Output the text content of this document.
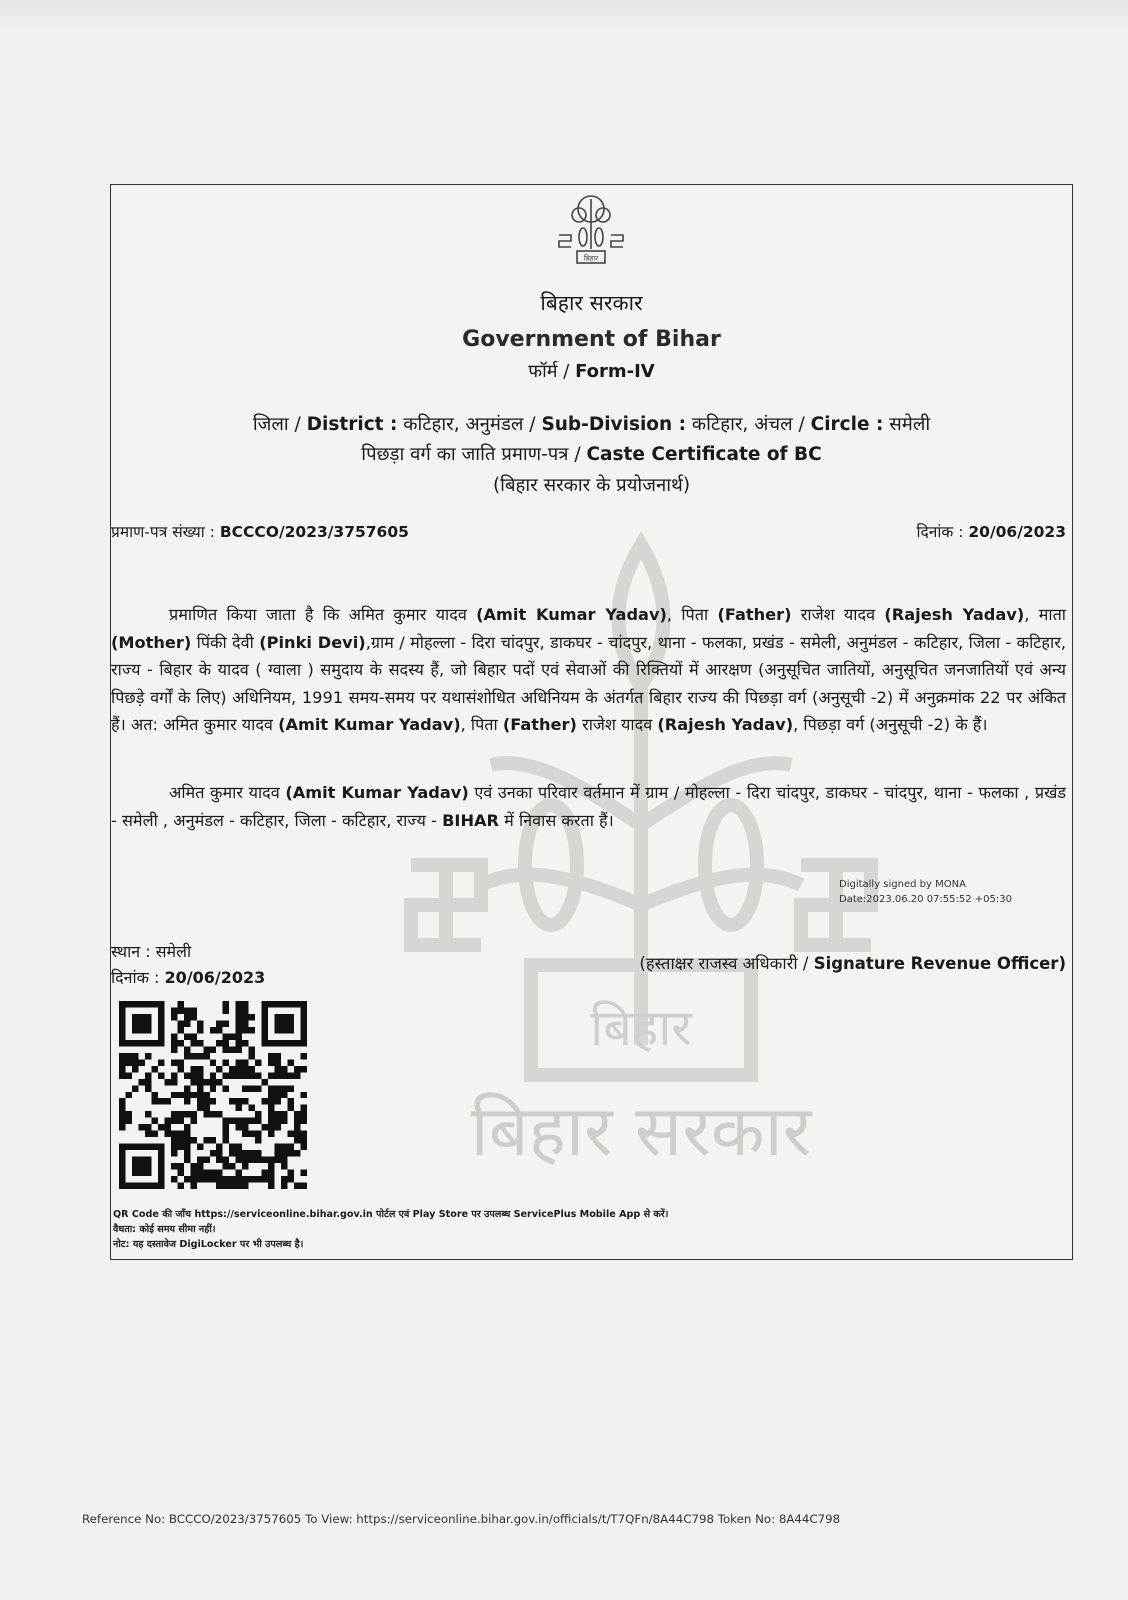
बिहार
बिहार सरकार
बिहार
बिहार सरकार
Government of Bihar
फॉर्म / Form-IV
जिला / District : कटिहार, अनुमंडल / Sub-Division : कटिहार, अंचल / Circle : समेली
पिछड़ा वर्ग का जाति प्रमाण-पत्र / Caste Certificate of BC
(बिहार सरकार के प्रयोजनार्थ)
प्रमाण-पत्र संख्या : BCCCO/2023/3757605	दिनांक : 20/06/2023

प्रमाणित किया जाता है कि अमित कुमार यादव (Amit Kumar Yadav), पिता (Father) राजेश यादव (Rajesh Yadav), माता (Mother) पिंकी देवी (Pinki Devi),ग्राम / मोहल्ला - दिरा चांदपुर, डाकघर - चांदपुर, थाना - फलका, प्रखंड - समेली, अनुमंडल - कटिहार, जिला - कटिहार, राज्य - बिहार के यादव ( ग्वाला ) समुदाय के सदस्य हैं, जो बिहार पदों एवं सेवाओं की रिक्तियों में आरक्षण (अनुसूचित जातियों, अनुसूचित जनजातियों एवं अन्य पिछड़े वर्गों के लिए) अधिनियम, 1991 समय-समय पर यथासंशोधित अधिनियम के अंतर्गत बिहार राज्य की पिछड़ा वर्ग (अनुसूची -2) में अनुक्रमांक 22 पर अंकित हैं। अत: अमित कुमार यादव (Amit Kumar Yadav), पिता (Father) राजेश यादव (Rajesh Yadav), पिछड़ा वर्ग (अनुसूची -2) के हैं।

अमित कुमार यादव (Amit Kumar Yadav) एवं उनका परिवार वर्तमान में ग्राम / मोहल्ला - दिरा चांदपुर, डाकघर - चांदपुर, थाना - फलका , प्रखंड - समेली , अनुमंडल - कटिहार, जिला - कटिहार, राज्य - BIHAR में निवास करता हैं।

Digitally signed by MONA
Date:2023.06.20 07:55:52 +05:30
स्थान : समेली
दिनांक : 20/06/2023
(हस्ताक्षर राजस्व अधिकारी / Signature Revenue Officer)
QR Code की जाँच https://serviceonline.bihar.gov.in पोर्टल एवं Play Store पर उपलब्ध ServicePlus Mobile App से करें।
वैधता: कोई समय सीमा नहीं।
नोट: यह दस्तावेज DigiLocker पर भी उपलब्ध है।
Reference No: BCCCO/2023/3757605 To View: https://serviceonline.bihar.gov.in/officials/t/T7QFn/8A44C798 Token No: 8A44C798
